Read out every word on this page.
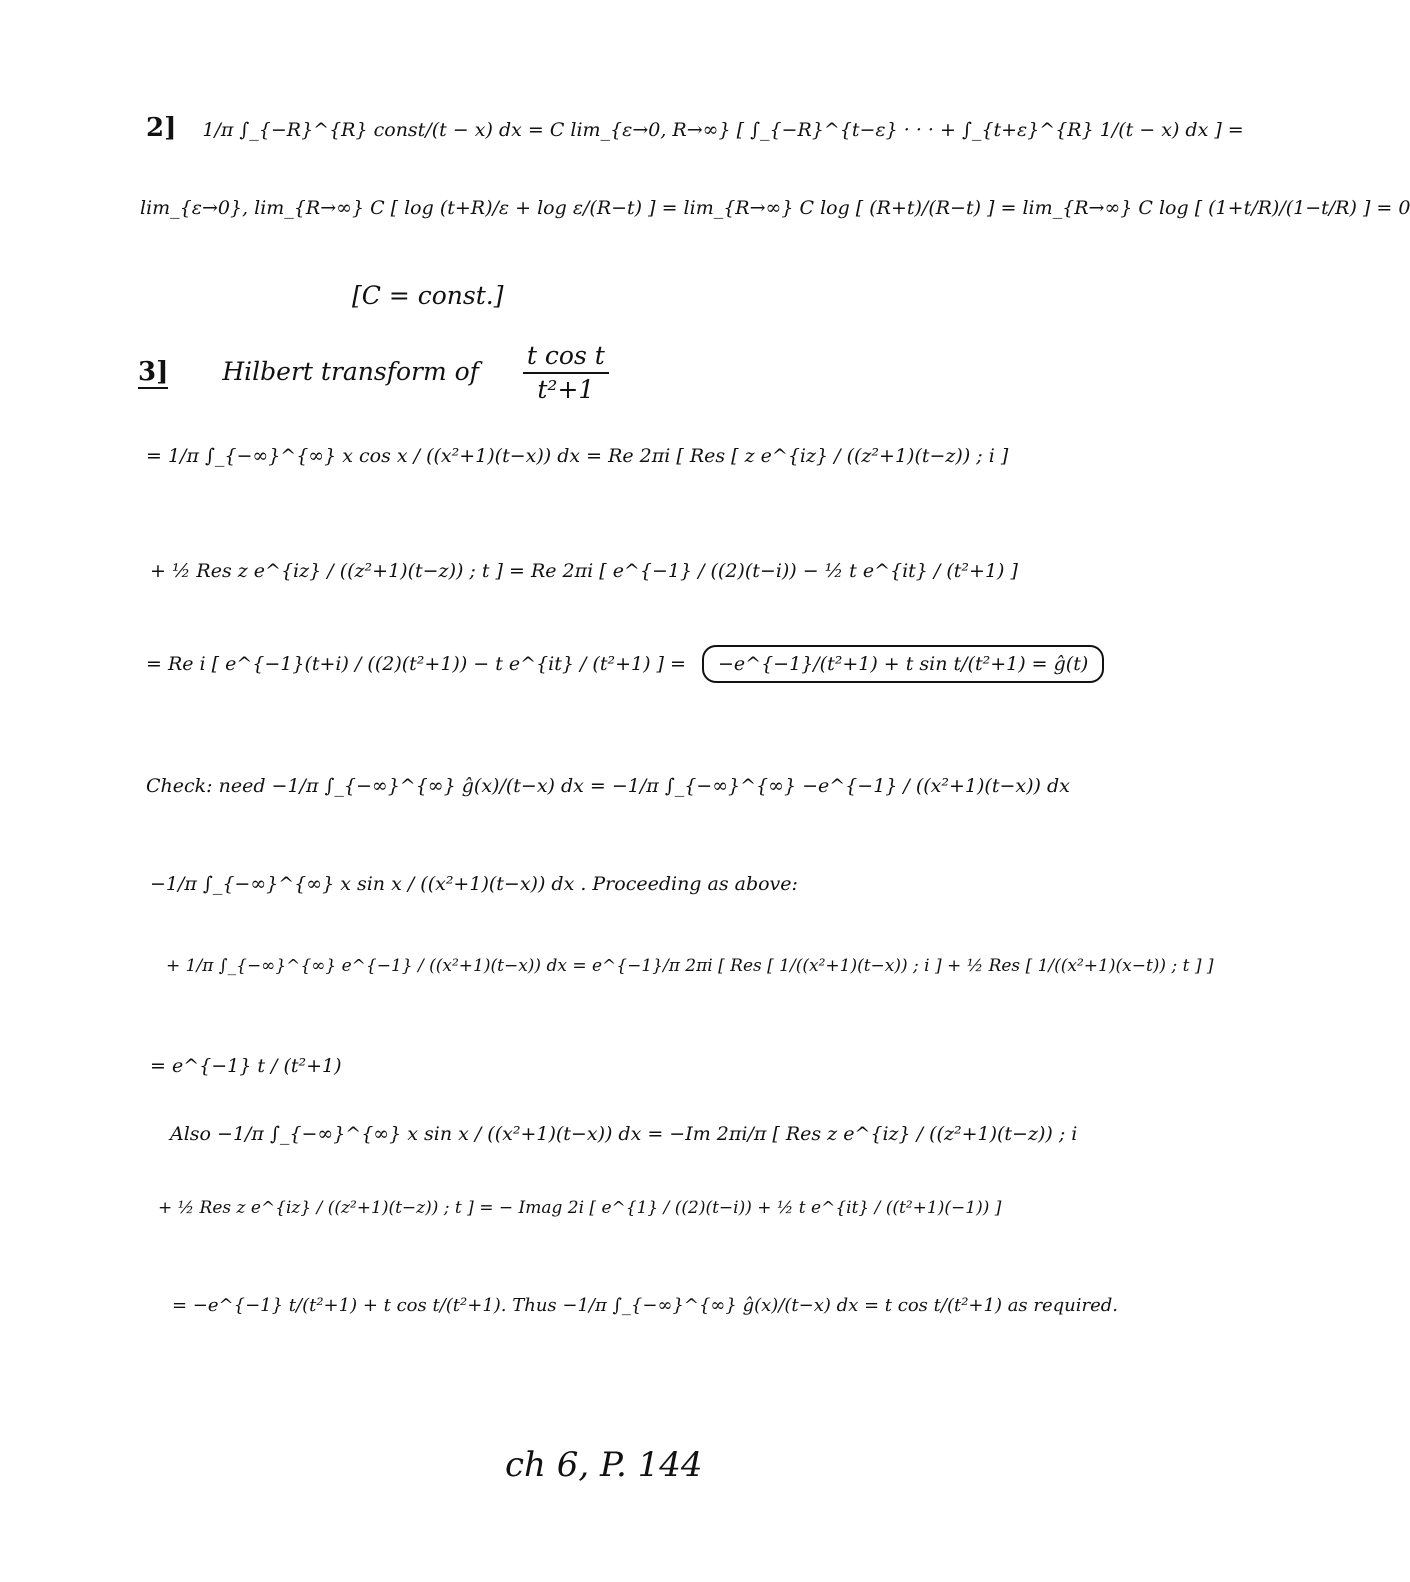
2] 1/π ∫_{−R}^{R} const/(t − x) dx = C lim_{ε→0, R→∞} [ ∫_{−R}^{t−ε} · · · + ∫_{t+ε}^{R} 1/(t − x) dx ] =
lim_{ε→0}, lim_{R→∞} C [ log (t+R)/ε + log ε/(R−t) ] = lim_{R→∞} C log [ (R+t)/(R−t) ] = lim_{R→∞} C log [ (1+t/R)/(1−t/R) ] = 0
[C = const.]
3] Hilbert transform of $\frac{\text{t cos t}}{\text{t²+1}}$
= 1/π ∫_{−∞}^{∞} x cos x / ((x²+1)(t−x)) dx = Re 2πi [ Res [ z e^{iz} / ((z²+1)(t−z)) ; i ]
+ ½ Res z e^{iz} / ((z²+1)(t−z)) ; t ] = Re 2πi [ e^{−1} / ((2)(t−i)) − ½ t e^{it} / (t²+1) ]
= Re i [ e^{−1}(t+i) / ((2)(t²+1)) − t e^{it} / (t²+1) ] = −e^{−1}/(t²+1) + t sin t/(t²+1) = ĝ(t)
Check: need −1/π ∫_{−∞}^{∞} ĝ(x)/(t−x) dx = −1/π ∫_{−∞}^{∞} −e^{−1} / ((x²+1)(t−x)) dx
−1/π ∫_{−∞}^{∞} x sin x / ((x²+1)(t−x)) dx . Proceeding as above:
+ 1/π ∫_{−∞}^{∞} e^{−1} / ((x²+1)(t−x)) dx = e^{−1}/π 2πi [ Res [ 1/((x²+1)(t−x)) ; i ] + ½ Res [ 1/((x²+1)(x−t)) ; t ] ]
= e^{−1} t / (t²+1)
Also −1/π ∫_{−∞}^{∞} x sin x / ((x²+1)(t−x)) dx = −Im 2πi/π [ Res z e^{iz} / ((z²+1)(t−z)) ; i
+ ½ Res z e^{iz} / ((z²+1)(t−z)) ; t ] = − Imag 2i [ e^{1} / ((2)(t−i)) + ½ t e^{it} / ((t²+1)(−1)) ]
= −e^{−1} t/(t²+1) + t cos t/(t²+1). Thus −1/π ∫_{−∞}^{∞} ĝ(x)/(t−x) dx = t cos t/(t²+1) as required.
ch 6, P. 144
